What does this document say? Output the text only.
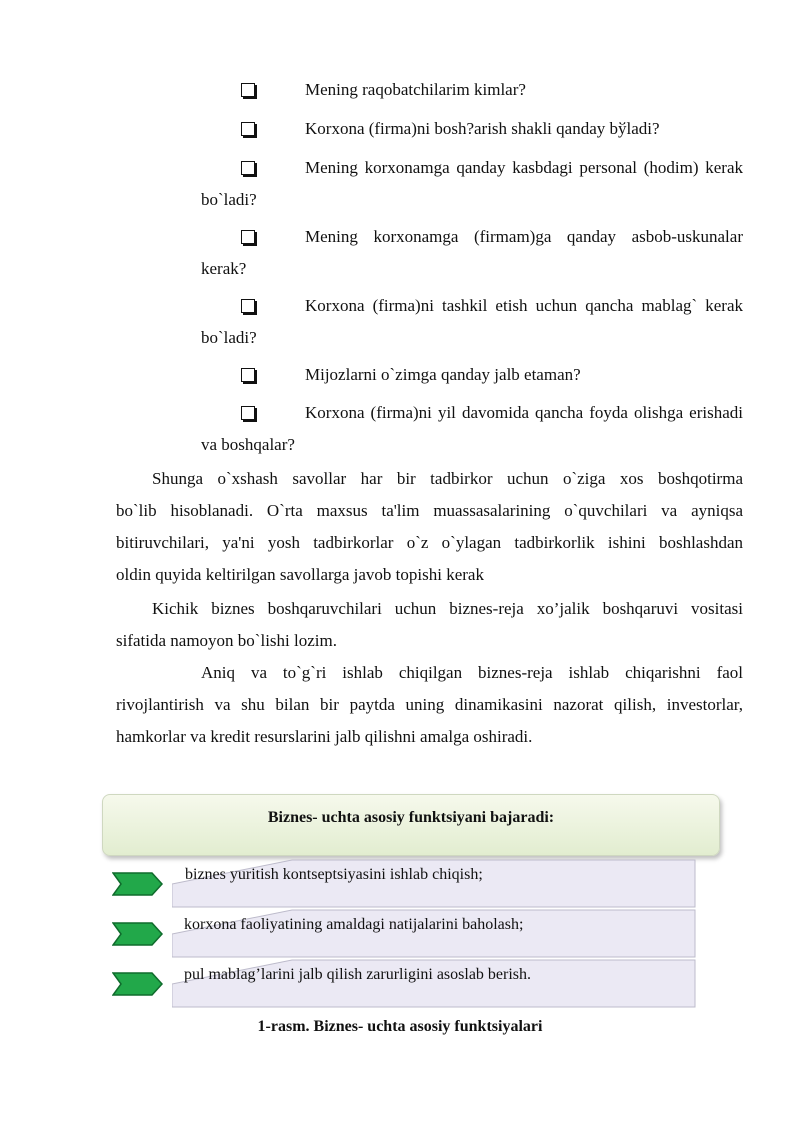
Mening raqobatchilarim kimlar?
Korxona (firma)ni bosh?arish shakli qanday bўladi?
Mening korxonamga qanday kasbdagi personal (hodim) kerak bo`ladi?
Mening korxonamga (firmam)ga qanday asbob-uskunalar kerak?
Korxona (firma)ni tashkil etish uchun qancha mablag` kerak bo`ladi?
Mijozlarni o`zimga qanday jalb etaman?
Korxona (firma)ni yil davomida qancha foyda olishga erishadi va boshqalar?
Shunga o`xshash savollar har bir tadbirkor uchun o`ziga xos boshqotirma
bo`lib hisoblanadi. O`rta maxsus ta'lim muassasalarining o`quvchilari va ayniqsa
bitiruvchilari, ya'ni yosh tadbirkorlar o`z o`ylagan tadbirkorlik ishini boshlashdan
oldin quyida keltirilgan savollarga javob topishi kerak
Kichik biznes boshqaruvchilari uchun biznes-reja xo’jalik boshqaruvi vositasi
sifatida namoyon bo`lishi lozim.
Aniq va to`g`ri ishlab chiqilgan biznes-reja ishlab chiqarishni faol
rivojlantirish va shu bilan bir paytda uning dinamikasini nazorat qilish, investorlar,
hamkorlar va kredit resurslarini jalb qilishni amalga oshiradi.
Biznes- uchta asosiy funktsiyani bajaradi:
biznes yuritish kontseptsiyasini ishlab chiqish;
korxona faoliyatining amaldagi natijalarini baholash;
pul mablag’larini jalb qilish zarurligini asoslab berish.
1-rasm. Biznes- uchta asosiy funktsiyalari
